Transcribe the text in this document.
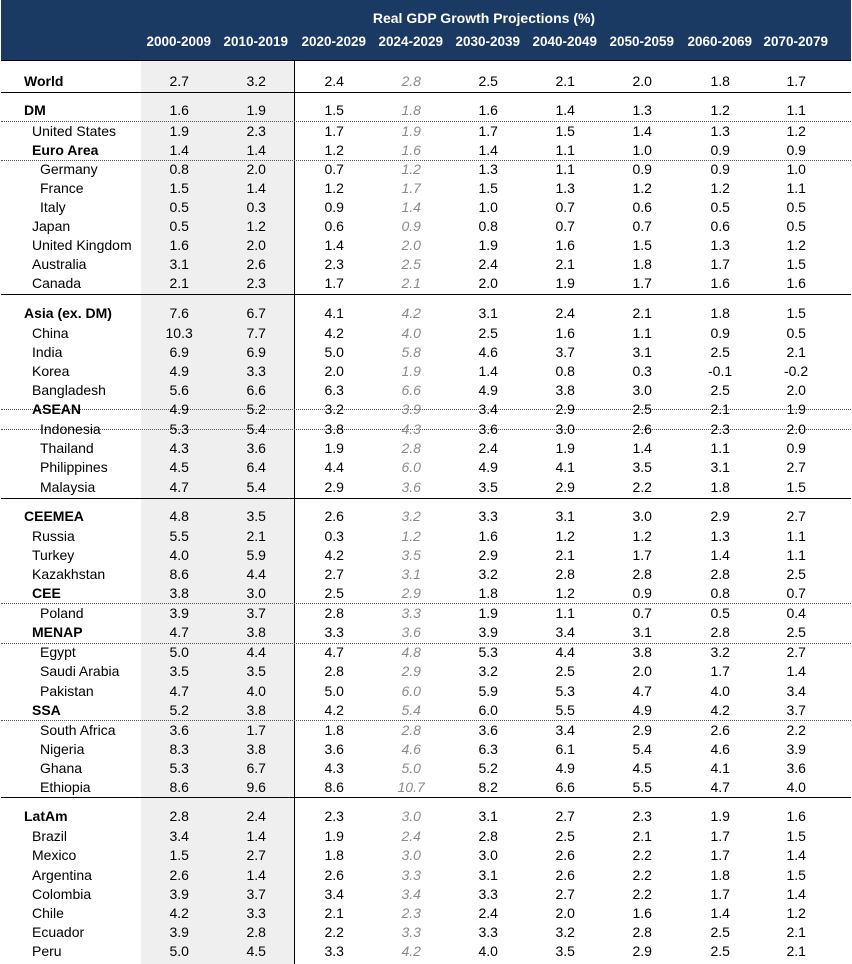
Real GDP Growth Projections (%)
2000-2009 2010-2019 2020-2029 2024-2029 2030-2039 2040-2049 2050-2059 2060-2069 2070-2079
World	2.7	3.2	2.4	2.8	2.5	2.1	2.0	1.8	1.7
DM	1.6	1.9	1.5	1.8	1.6	1.4	1.3	1.2	1.1
United States	1.9	2.3	1.7	1.9	1.7	1.5	1.4	1.3	1.2
Euro Area	1.4	1.4	1.2	1.6	1.4	1.1	1.0	0.9	0.9
Germany	0.8	2.0	0.7	1.2	1.3	1.1	0.9	0.9	1.0
France	1.5	1.4	1.2	1.7	1.5	1.3	1.2	1.2	1.1
Italy	0.5	0.3	0.9	1.4	1.0	0.7	0.6	0.5	0.5
Japan	0.5	1.2	0.6	0.9	0.8	0.7	0.7	0.6	0.5
United Kingdom	1.6	2.0	1.4	2.0	1.9	1.6	1.5	1.3	1.2
Australia	3.1	2.6	2.3	2.5	2.4	2.1	1.8	1.7	1.5
Canada	2.1	2.3	1.7	2.1	2.0	1.9	1.7	1.6	1.6
Asia (ex. DM)	7.6	6.7	4.1	4.2	3.1	2.4	2.1	1.8	1.5
China	10.3	7.7	4.2	4.0	2.5	1.6	1.1	0.9	0.5
India	6.9	6.9	5.0	5.8	4.6	3.7	3.1	2.5	2.1
Korea	4.9	3.3	2.0	1.9	1.4	0.8	0.3	-0.1	-0.2
Bangladesh	5.6	6.6	6.3	6.6	4.9	3.8	3.0	2.5	2.0
ASEAN	4.9	5.2	3.2	3.9	3.4	2.9	2.5	2.1	1.9
Indonesia	5.3	5.4	3.8	4.3	3.6	3.0	2.6	2.3	2.0
Thailand	4.3	3.6	1.9	2.8	2.4	1.9	1.4	1.1	0.9
Philippines	4.5	6.4	4.4	6.0	4.9	4.1	3.5	3.1	2.7
Malaysia	4.7	5.4	2.9	3.6	3.5	2.9	2.2	1.8	1.5
CEEMEA	4.8	3.5	2.6	3.2	3.3	3.1	3.0	2.9	2.7
Russia	5.5	2.1	0.3	1.2	1.6	1.2	1.2	1.3	1.1
Turkey	4.0	5.9	4.2	3.5	2.9	2.1	1.7	1.4	1.1
Kazakhstan	8.6	4.4	2.7	3.1	3.2	2.8	2.8	2.8	2.5
CEE	3.8	3.0	2.5	2.9	1.8	1.2	0.9	0.8	0.7
Poland	3.9	3.7	2.8	3.3	1.9	1.1	0.7	0.5	0.4
MENAP	4.7	3.8	3.3	3.6	3.9	3.4	3.1	2.8	2.5
Egypt	5.0	4.4	4.7	4.8	5.3	4.4	3.8	3.2	2.7
Saudi Arabia	3.5	3.5	2.8	2.9	3.2	2.5	2.0	1.7	1.4
Pakistan	4.7	4.0	5.0	6.0	5.9	5.3	4.7	4.0	3.4
SSA	5.2	3.8	4.2	5.4	6.0	5.5	4.9	4.2	3.7
South Africa	3.6	1.7	1.8	2.8	3.6	3.4	2.9	2.6	2.2
Nigeria	8.3	3.8	3.6	4.6	6.3	6.1	5.4	4.6	3.9
Ghana	5.3	6.7	4.3	5.0	5.2	4.9	4.5	4.1	3.6
Ethiopia	8.6	9.6	8.6	10.7	8.2	6.6	5.5	4.7	4.0
LatAm	2.8	2.4	2.3	3.0	3.1	2.7	2.3	1.9	1.6
Brazil	3.4	1.4	1.9	2.4	2.8	2.5	2.1	1.7	1.5
Mexico	1.5	2.7	1.8	3.0	3.0	2.6	2.2	1.7	1.4
Argentina	2.6	1.4	2.6	3.3	3.1	2.6	2.2	1.8	1.5
Colombia	3.9	3.7	3.4	3.4	3.3	2.7	2.2	1.7	1.4
Chile	4.2	3.3	2.1	2.3	2.4	2.0	1.6	1.4	1.2
Ecuador	3.9	2.8	2.2	3.3	3.3	3.2	2.8	2.5	2.1
Peru	5.0	4.5	3.3	4.2	4.0	3.5	2.9	2.5	2.1
